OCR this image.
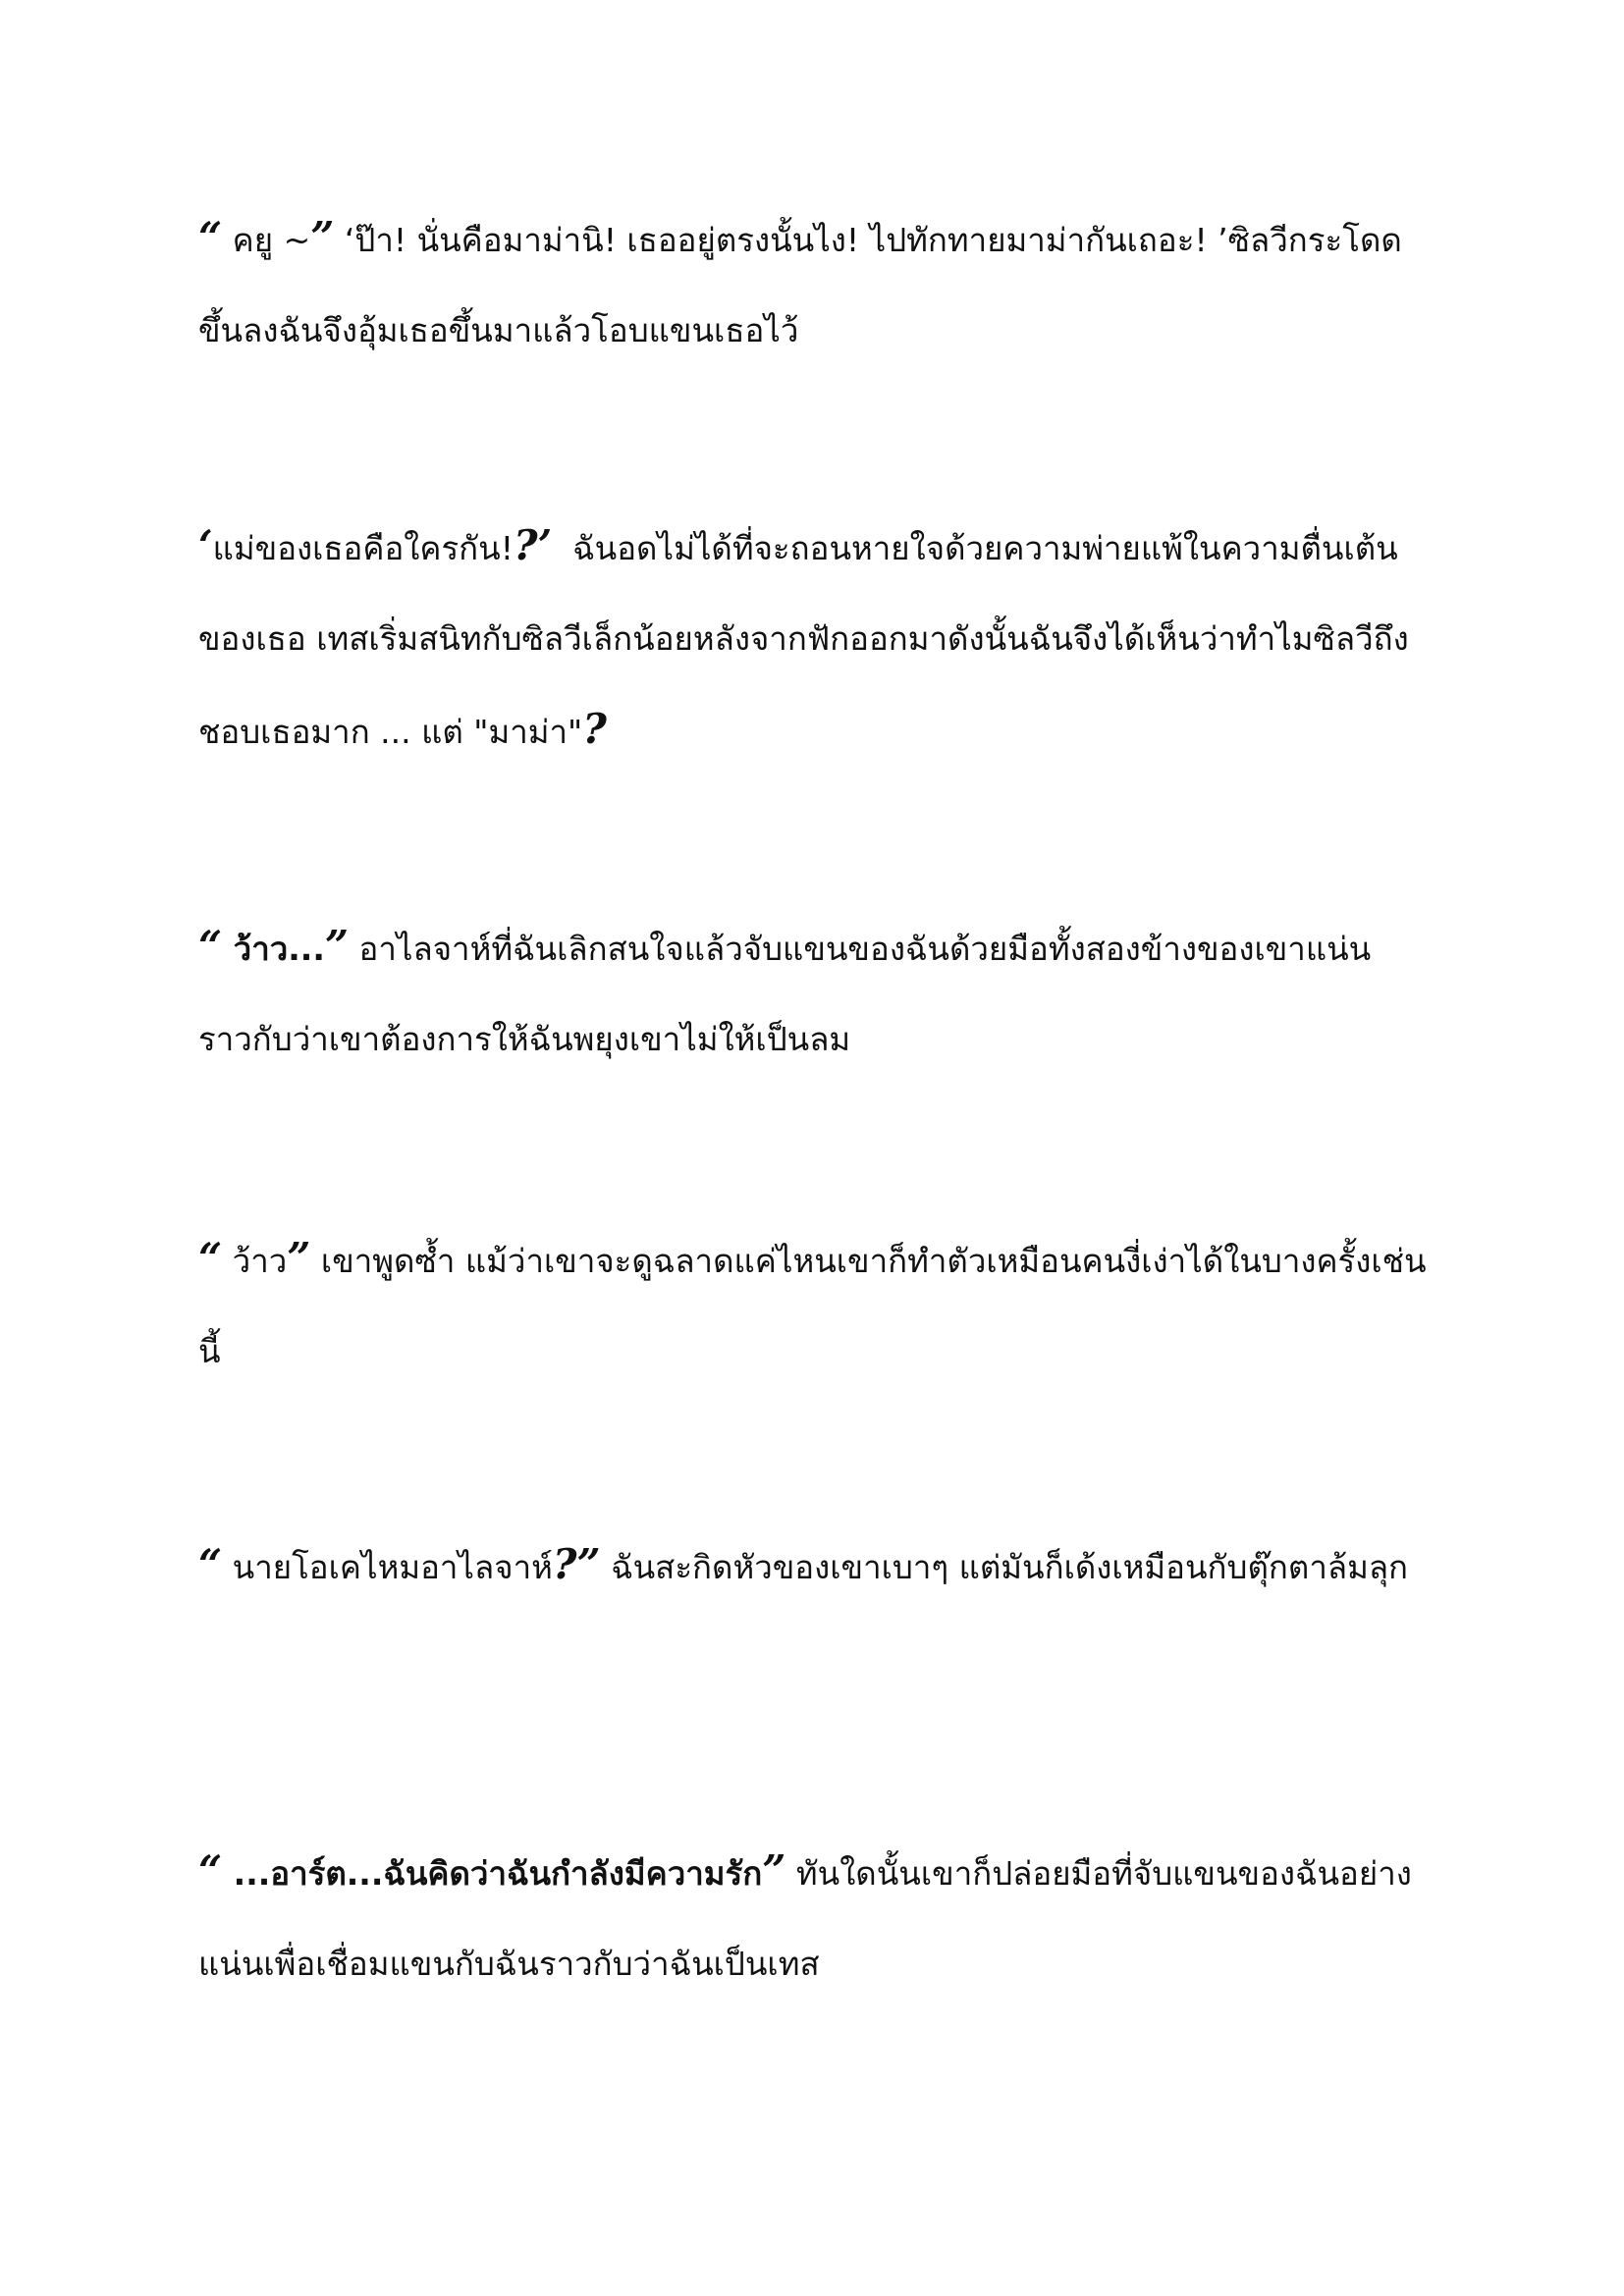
“ คยู ~” ‘ป๊า! นั่นคือมาม่านิ! เธออยู่ตรงนั้นไง! ไปทักทายมาม่ากันเถอะ! ’ซิลวีกระโดดขึ้นลงฉันจึงอุ้มเธอขึ้นมาแล้วโอบแขนเธอไว้

‘แม่ของเธอคือใครกัน!?’  ฉันอดไม่ได้ที่จะถอนหายใจด้วยความพ่ายแพ้ในความตื่นเต้นของเธอ เทสเริ่มสนิทกับซิลวีเล็กน้อยหลังจากฟักออกมาดังนั้นฉันจึงได้เห็นว่าทำไมซิลวีถึงชอบเธอมาก ... แต่ "มาม่า"?

“ ว้าว...” อาไลจาห์ที่ฉันเลิกสนใจแล้วจับแขนของฉันด้วยมือทั้งสองข้างของเขาแน่นราวกับว่าเขาต้องการให้ฉันพยุงเขาไม่ให้เป็นลม

“ ว้าว” เขาพูดซ้ำ แม้ว่าเขาจะดูฉลาดแค่ไหนเขาก็ทำตัวเหมือนคนงี่เง่าได้ในบางครั้งเช่นนี้

“ นายโอเคไหมอาไลจาห์?” ฉันสะกิดหัวของเขาเบาๆ แต่มันก็เด้งเหมือนกับตุ๊กตาล้มลุก

“ ...อาร์ต...ฉันคิดว่าฉันกำลังมีความรัก” ทันใดนั้นเขาก็ปล่อยมือที่จับแขนของฉันอย่างแน่นเพื่อเชื่อมแขนกับฉันราวกับว่าฉันเป็นเทส
